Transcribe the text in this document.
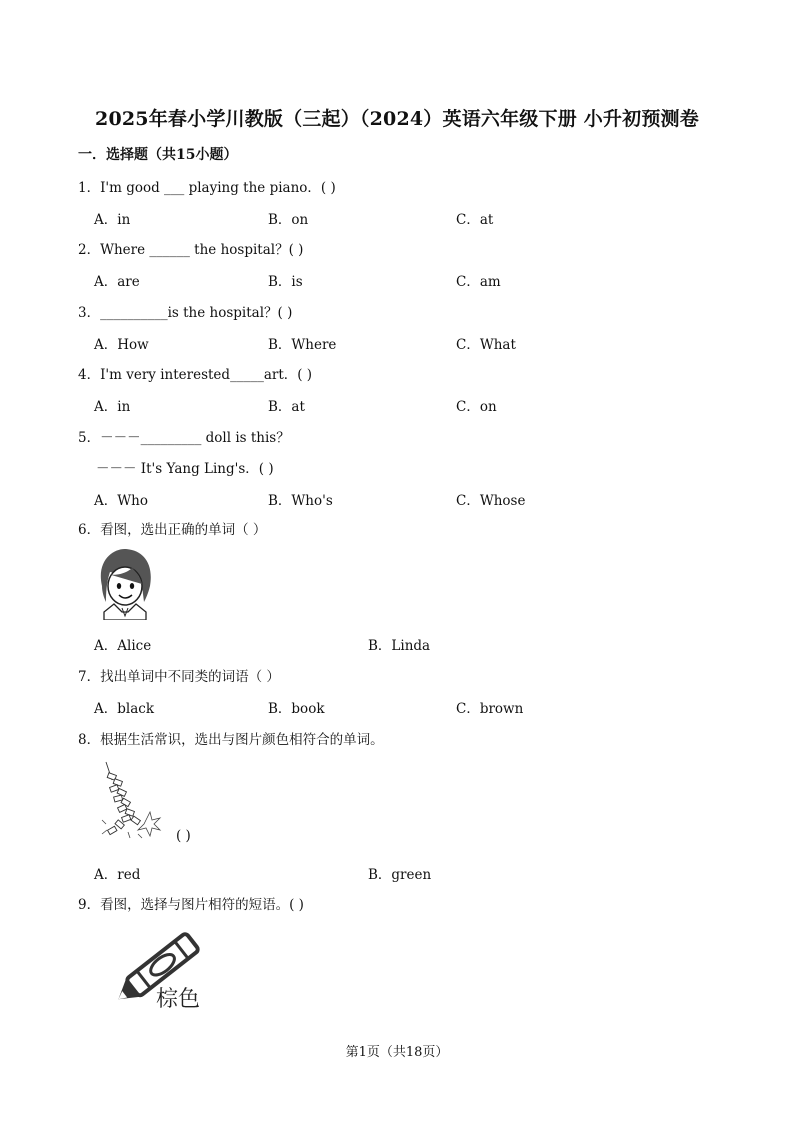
2025年春小学川教版（三起）（2024）英语六年级下册 小升初预测卷
一．选择题（共15小题）
1．I'm good ___ playing the piano．( )
A．in	B．on	C．at
2．Where ______ the hospital？( )
A．are	B．is	C．am
3．__________is the hospital？( )
A．How	B．Where	C．What
4．I'm very interested_____art．( )
A．in	B．at	C．on
5．－－－_________ doll is this？
－－－ It's Yang Ling's．( )
A．Who	B．Who's	C．Whose
6．看图，选出正确的单词（ ）
A．Alice	B．Linda
7．找出单词中不同类的词语（ ）
A．black	B．book	C．brown
8．根据生活常识，选出与图片颜色相符合的单词。
( )
A．red	B．green
9．看图，选择与图片相符的短语。( )
棕色
第1页（共18页）
